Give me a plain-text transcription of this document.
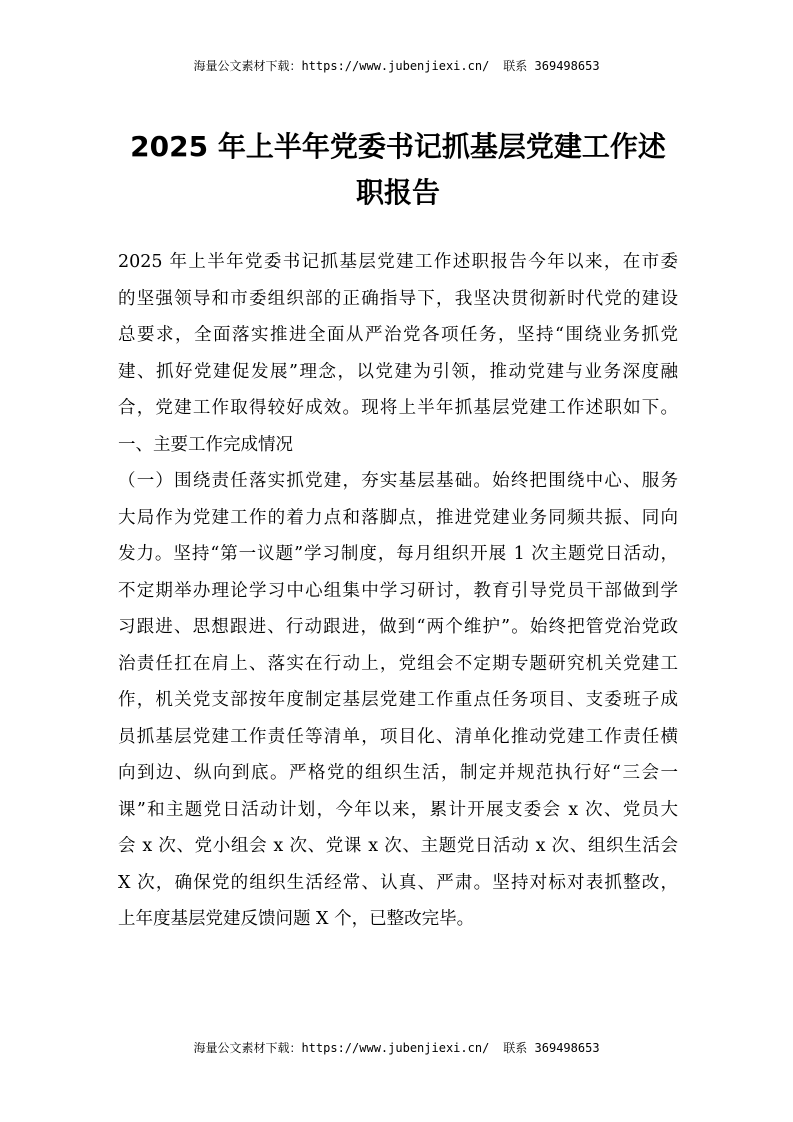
海量公文素材下载：https://www.jubenjiexi.cn/ 联系 369498653
2025 年上半年党委书记抓基层党建工作述
职报告
2025 年上半年党委书记抓基层党建工作述职报告今年以来，在市委
的坚强领导和市委组织部的正确指导下，我坚决贯彻新时代党的建设
总要求，全面落实推进全面从严治党各项任务，坚持“围绕业务抓党
建、抓好党建促发展”理念，以党建为引领，推动党建与业务深度融
合，党建工作取得较好成效。现将上半年抓基层党建工作述职如下。
一、主要工作完成情况
（一）围绕责任落实抓党建，夯实基层基础。始终把围绕中心、服务
大局作为党建工作的着力点和落脚点，推进党建业务同频共振、同向
发力。坚持“第一议题”学习制度，每月组织开展 1 次主题党日活动，
不定期举办理论学习中心组集中学习研讨，教育引导党员干部做到学
习跟进、思想跟进、行动跟进，做到“两个维护”。始终把管党治党政
治责任扛在肩上、落实在行动上，党组会不定期专题研究机关党建工
作，机关党支部按年度制定基层党建工作重点任务项目、支委班子成
员抓基层党建工作责任等清单，项目化、清单化推动党建工作责任横
向到边、纵向到底。严格党的组织生活，制定并规范执行好“三会一
课”和主题党日活动计划，今年以来，累计开展支委会 x 次、党员大
会 x 次、党小组会 x 次、党课 x 次、主题党日活动 x 次、组织生活会
X 次，确保党的组织生活经常、认真、严肃。坚持对标对表抓整改，
上年度基层党建反馈问题 X 个，已整改完毕。
海量公文素材下载：https://www.jubenjiexi.cn/ 联系 369498653
